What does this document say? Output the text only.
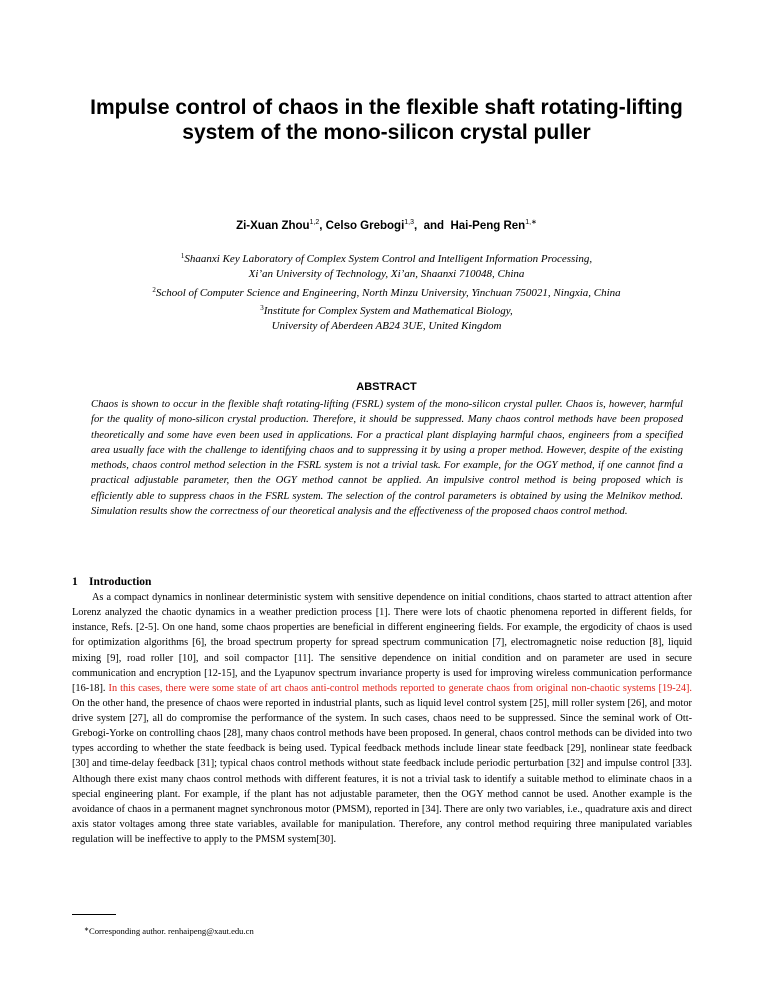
Impulse control of chaos in the flexible shaft rotating-lifting system of the mono-silicon crystal puller
Zi-Xuan Zhou$^{1,2}$, Celso Grebogi$^{1,3}$,  and  Hai-Peng Ren$^{1,∗}$
$^1$Shaanxi Key Laboratory of Complex System Control and Intelligent Information Processing,
Xi’an University of Technology, Xi’an, Shaanxi 710048, China
$^2$School of Computer Science and Engineering, North Minzu University, Yinchuan 750021, Ningxia, China
$^3$Institute for Complex System and Mathematical Biology,
University of Aberdeen AB24 3UE, United Kingdom
ABSTRACT
Chaos is shown to occur in the flexible shaft rotating-lifting (FSRL) system of the mono-silicon crystal puller. Chaos is, however, harmful for the quality of mono-silicon crystal production. Therefore, it should be suppressed. Many chaos control methods have been proposed theoretically and some have even been used in applications. For a practical plant displaying harmful chaos, engineers from a specified area usually face with the challenge to identifying chaos and to suppressing it by using a proper method. However, despite of the existing methods, chaos control method selection in the FSRL system is not a trivial task. For example, for the OGY method, if one cannot find a practical adjustable parameter, then the OGY method cannot be applied. An impulsive control method is being proposed which is efficiently able to suppress chaos in the FSRL system. The selection of the control parameters is obtained by using the Melnikov method. Simulation results show the correctness of our theoretical analysis and the effectiveness of the proposed chaos control method.
1 Introduction
As a compact dynamics in nonlinear deterministic system with sensitive dependence on initial conditions, chaos started to attract attention after Lorenz analyzed the chaotic dynamics in a weather prediction process [1]. There were lots of chaotic phenomena reported in different fields, for instance, Refs. [2-5]. On one hand, some chaos properties are beneficial in different engineering fields. For example, the ergodicity of chaos is used for optimization algorithms [6], the broad spectrum property for spread spectrum communication [7], electromagnetic noise reduction [8], liquid mixing [9], road roller [10], and soil compactor [11]. The sensitive dependence on initial condition and on parameter are used in secure communication and encryption [12-15], and the Lyapunov spectrum invariance property is used for improving wireless communication performance [16-18]. In this cases, there were some state of art chaos anti-control methods reported to generate chaos from original non-chaotic systems [19-24]. On the other hand, the presence of chaos were reported in industrial plants, such as liquid level control system [25], mill roller system [26], and motor drive system [27], all do compromise the performance of the system. In such cases, chaos need to be suppressed. Since the seminal work of Ott-Grebogi-Yorke on controlling chaos [28], many chaos control methods have been proposed. In general, chaos control methods can be divided into two types according to whether the state feedback is being used. Typical feedback methods include linear state feedback [29], nonlinear state feedback [30] and time-delay feedback [31]; typical chaos control methods without state feedback include periodic perturbation [32] and impulse control [33]. Although there exist many chaos control methods with different features, it is not a trivial task to identify a suitable method to eliminate chaos in a special engineering plant. For example, if the plant has not adjustable parameter, then the OGY method cannot be used. Another example is the avoidance of chaos in a permanent magnet synchronous motor (PMSM), reported in [34]. There are only two variables, i.e., quadrature axis and direct axis stator voltages among three state variables, available for manipulation. Therefore, any control method requiring three manipulated variables regulation will be ineffective to apply to the PMSM system[30].
∗Corresponding author. renhaipeng@xaut.edu.cn
